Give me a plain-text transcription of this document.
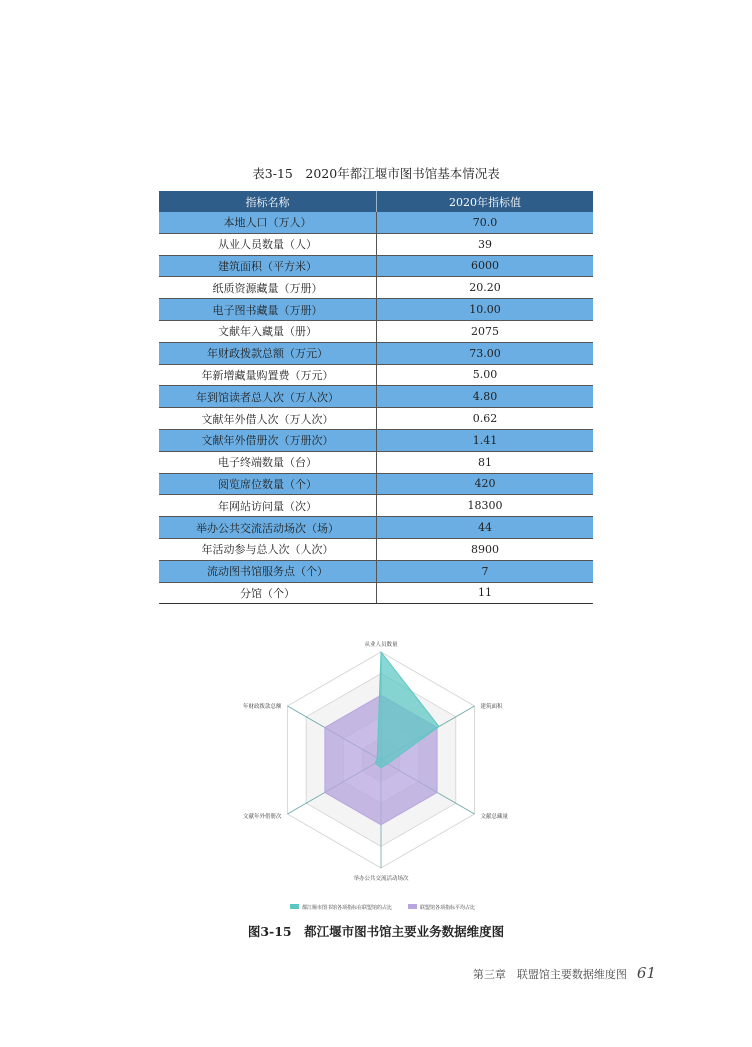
表3-15　2020年都江堰市图书馆基本情况表
指标名称	2020年指标值
本地人口（万人）	70.0
从业人员数量（人）	39
建筑面积（平方米）	6000
纸质资源藏量（万册）	20.20
电子图书藏量（万册）	10.00
文献年入藏量（册）	2075
年财政拨款总额（万元）	73.00
年新增藏量购置费（万元）	5.00
年到馆读者总人次（万人次）	4.80
文献年外借人次（万人次）	0.62
文献年外借册次（万册次）	1.41
电子终端数量（台）	81
阅览席位数量（个）	420
年网站访问量（次）	18300
举办公共交流活动场次（场）	44
年活动参与总人次（人次）	8900
流动图书馆服务点（个）	7
分馆（个）	11
从业人员数量
建筑面积
文献总藏量
举办公共交流活动场次
文献年外借册次
年财政拨款总额
都江堰市图书馆各项指标在联盟馆的占比	联盟馆各项指标平均占比
图3-15　都江堰市图书馆主要业务数据维度图
第三章　联盟馆主要数据维度图 61
